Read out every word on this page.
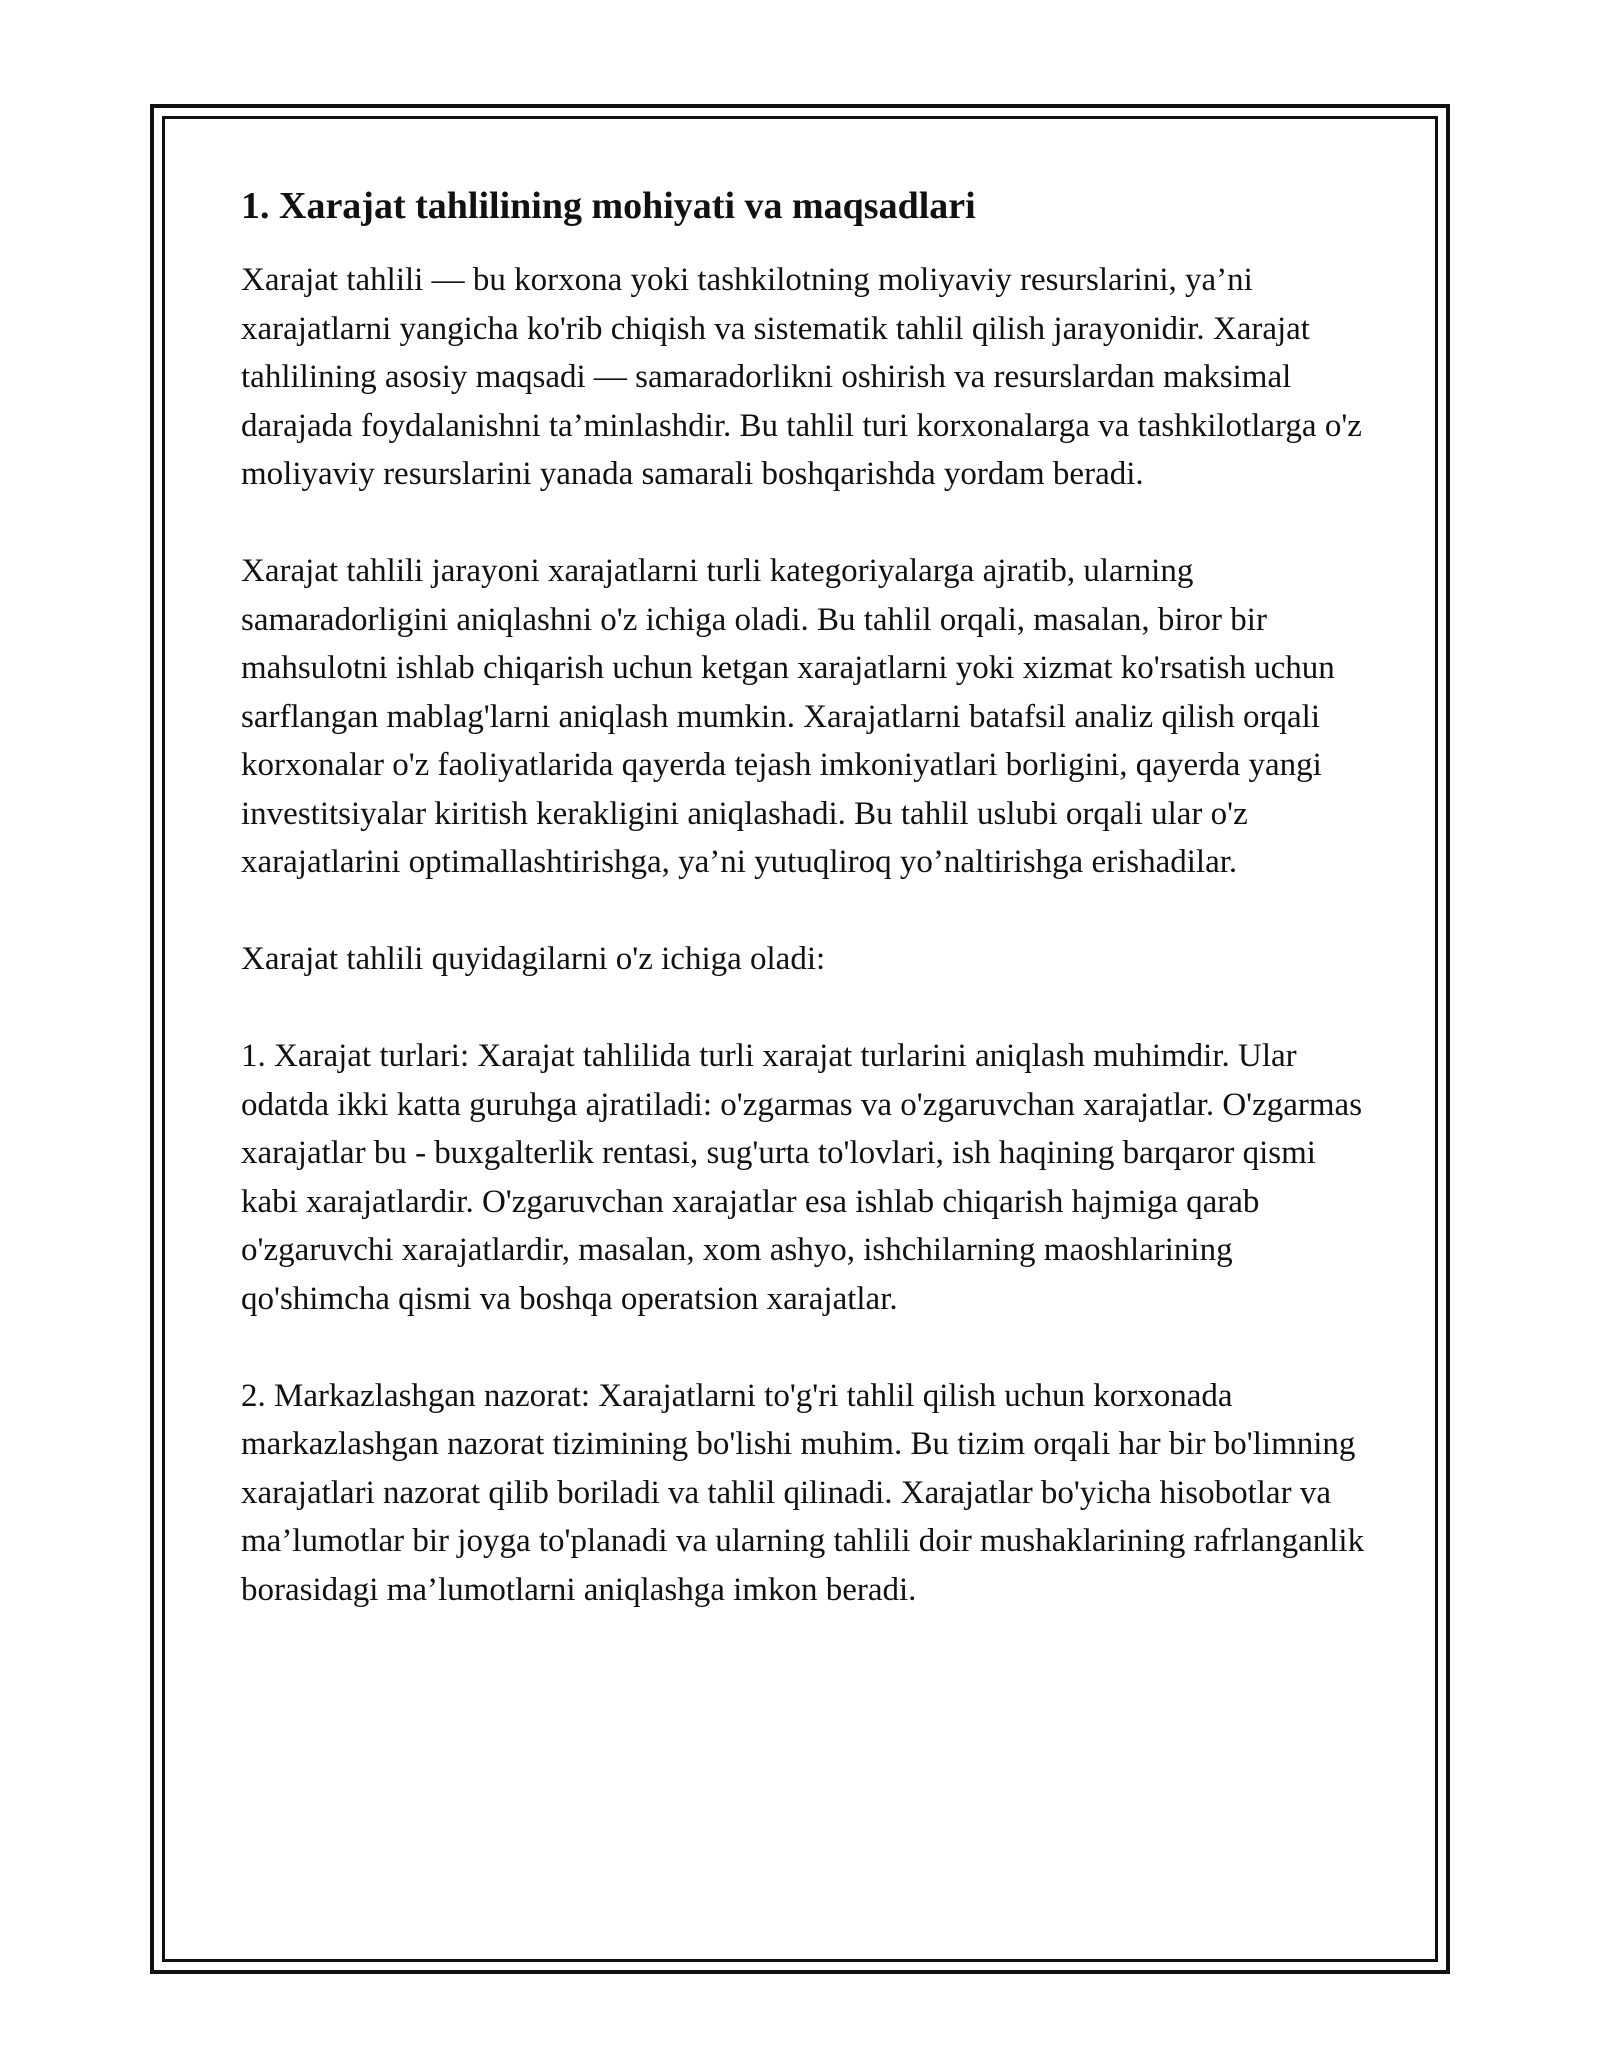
1. Xarajat tahlilining mohiyati va maqsadlari

Xarajat tahlili — bu korxona yoki tashkilotning moliyaviy resurslarini, ya’ni xarajatlarni yangicha ko'rib chiqish va sistematik tahlil qilish jarayonidir. Xarajat tahlilining asosiy maqsadi — samaradorlikni oshirish va resurslardan maksimal darajada foydalanishni ta’minlashdir. Bu tahlil turi korxonalarga va tashkilotlarga o'z moliyaviy resurslarini yanada samarali boshqarishda yordam beradi.

Xarajat tahlili jarayoni xarajatlarni turli kategoriyalarga ajratib, ularning samaradorligini aniqlashni o'z ichiga oladi. Bu tahlil orqali, masalan, biror bir mahsulotni ishlab chiqarish uchun ketgan xarajatlarni yoki xizmat ko'rsatish uchun sarflangan mablag'larni aniqlash mumkin. Xarajatlarni batafsil analiz qilish orqali korxonalar o'z faoliyatlarida qayerda tejash imkoniyatlari borligini, qayerda yangi investitsiyalar kiritish kerakligini aniqlashadi. Bu tahlil uslubi orqali ular o'z xarajatlarini optimallashtirishga, ya’ni yutuqliroq yo’naltirishga erishadilar.

Xarajat tahlili quyidagilarni o'z ichiga oladi:

1. Xarajat turlari: Xarajat tahlilida turli xarajat turlarini aniqlash muhimdir. Ular odatda ikki katta guruhga ajratiladi: o'zgarmas va o'zgaruvchan xarajatlar. O'zgarmas xarajatlar bu - buxgalterlik rentasi, sug'urta to'lovlari, ish haqining barqaror qismi kabi xarajatlardir. O'zgaruvchan xarajatlar esa ishlab chiqarish hajmiga qarab o'zgaruvchi xarajatlardir, masalan, xom ashyo, ishchilarning maoshlarining qo'shimcha qismi va boshqa operatsion xarajatlar.

2. Markazlashgan nazorat: Xarajatlarni to'g'ri tahlil qilish uchun korxonada markazlashgan nazorat tizimining bo'lishi muhim. Bu tizim orqali har bir bo'limning xarajatlari nazorat qilib boriladi va tahlil qilinadi. Xarajatlar bo'yicha hisobotlar va ma’lumotlar bir joyga to'planadi va ularning tahlili doir mushaklarining rafrlanganlik borasidagi ma’lumotlarni aniqlashga imkon beradi.
